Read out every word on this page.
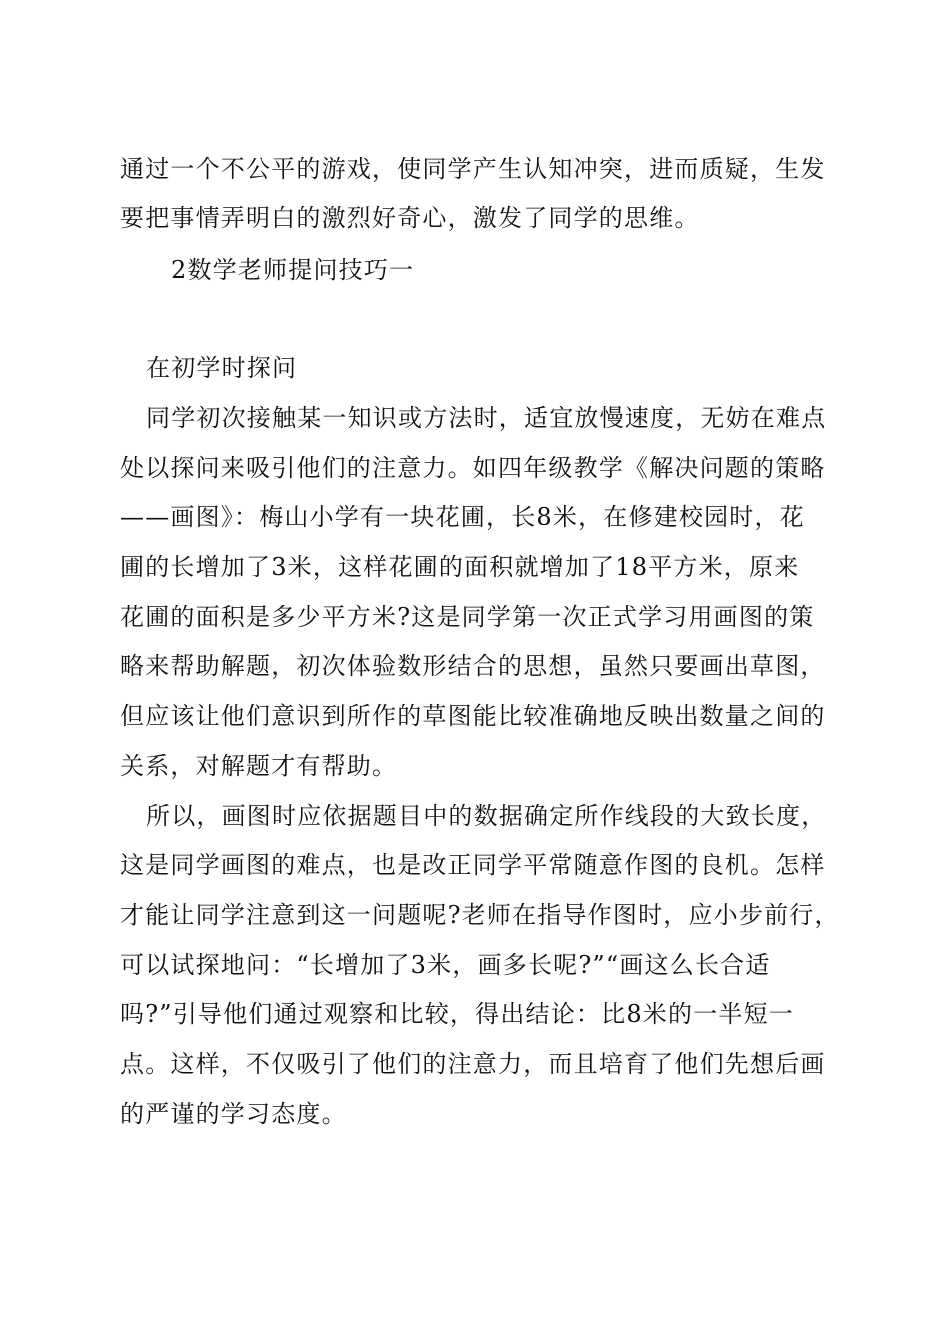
通过一个不公平的游戏，使同学产生认知冲突，进而质疑，生发
要把事情弄明白的激烈好奇心，激发了同学的思维。
2数学老师提问技巧一
在初学时探问
同学初次接触某一知识或方法时，适宜放慢速度，无妨在难点
处以探问来吸引他们的注意力。如四年级教学《解决问题的策略
——画图》：梅山小学有一块花圃，长8米，在修建校园时，花
圃的长增加了3米，这样花圃的面积就增加了18平方米，原来
花圃的面积是多少平方米?这是同学第一次正式学习用画图的策
略来帮助解题，初次体验数形结合的思想，虽然只要画出草图，
但应该让他们意识到所作的草图能比较准确地反映出数量之间的
关系，对解题才有帮助。
所以，画图时应依据题目中的数据确定所作线段的大致长度，
这是同学画图的难点，也是改正同学平常随意作图的良机。怎样
才能让同学注意到这一问题呢?老师在指导作图时，应小步前行，
可以试探地问：“长增加了3米，画多长呢?”“画这么长合适
吗?”引导他们通过观察和比较，得出结论：比8米的一半短一
点。这样，不仅吸引了他们的注意力，而且培育了他们先想后画
的严谨的学习态度。
